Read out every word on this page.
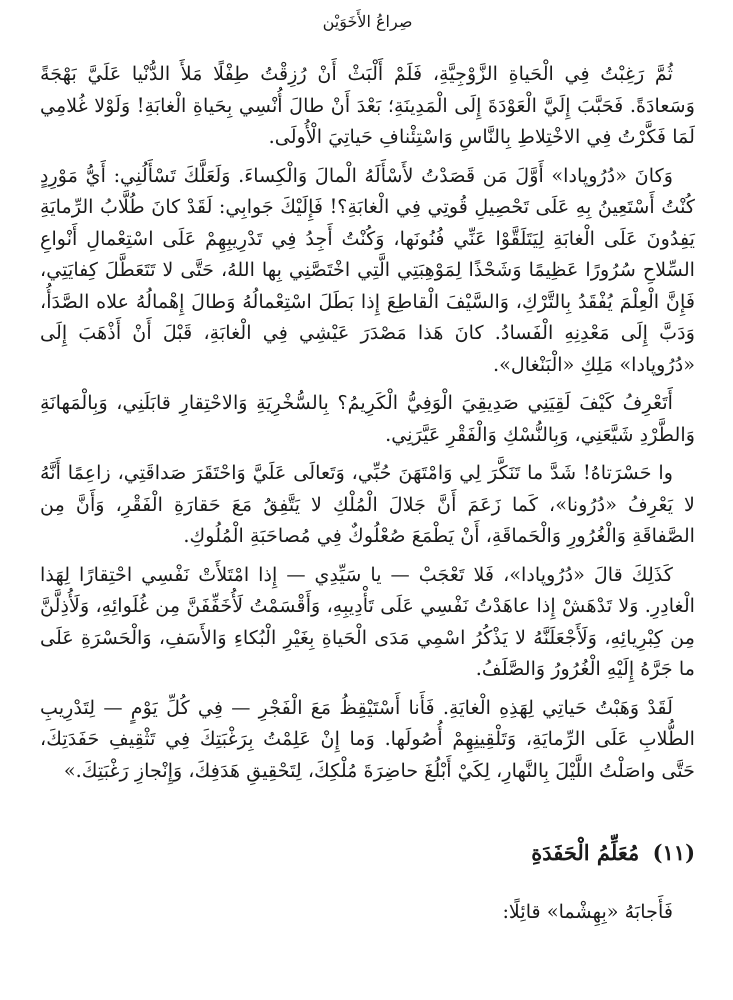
صِراعُ الأَخَوَيْن

ثُمَّ رَغِبْتُ فِي الْحَياةِ الزَّوْجِيَّةِ، فَلَمْ أَلْبَثْ أَنْ رُزِقْتُ طِفْلًا مَلأَ الدُّنْيا عَلَيَّ بَهْجَةً وَسَعادَةً. فَحَبَّبَ إِلَيَّ الْعَوْدَةَ إِلَى الْمَدِينَةِ؛ بَعْدَ أَنْ طالَ أُنْسِي بِحَياةِ الْغابَةِ! وَلَوْلا غُلامِي لَمَا فَكَّرْتُ فِي الاخْتِلاطِ بِالنَّاسِ وَاسْتِئْنافِ حَياتِيَ الْأُولَى.

وَكانَ «دُرُوپادا» أَوَّلَ مَن قَصَدْتُ لأَسْأَلَهُ الْمالَ وَالْكِساءَ. وَلَعَلَّكَ تَسْأَلُنِي: أَيُّ مَوْرِدٍ كُنْتُ أَسْتَعِينُ بِهِ عَلَى تَحْصِيلِ قُوتِي فِي الْغابَةِ؟! فَإِلَيْكَ جَوابِي: لَقَدْ كانَ طُلَّابُ الرِّمايَةِ يَفِدُونَ عَلَى الْغابَةِ لِيَتَلَقَّوْا عَنِّي فُنُونَها، وَكُنْتُ أَجِدُ فِي تَدْرِيبِهِمْ عَلَى اسْتِعْمالِ أَنْواعِ السِّلاحِ سُرُورًا عَظِيمًا وَشَحْذًا لِمَوْهِبَتِي الَّتِي اخْتَصَّنِي بِها اللهُ، حَتَّى لا تَتَعَطَّلَ كِفايَتِي، فَإِنَّ الْعِلْمَ يُفْقَدُ بِالتَّرْكِ، وَالسَّيْفَ الْقاطِعَ إِذا بَطَلَ اسْتِعْمالُهُ وَطالَ إِهْمالُهُ علاه الصَّدَأُ، وَدَبَّ إِلَى مَعْدِنِهِ الْفَسادُ. كانَ هَذا مَصْدَرَ عَيْشِي فِي الْغابَةِ، قَبْلَ أَنْ أَذْهَبَ إِلَى «دُرُوپادا» مَلِكِ «الْبَنْغال».

أَتَعْرِفُ كَيْفَ لَقِيَنِي صَدِيقِيَ الْوَفِيُّ الْكَرِيمُ؟ بِالسُّخْرِيَةِ وَالاحْتِقارِ قابَلَنِي، وَبِالْمَهانَةِ وَالطَّرْدِ شَيَّعَنِي، وَبِالنُّسْكِ وَالْفَقْرِ عَيَّرَنِي.

وا حَسْرَتاهُ! شَدَّ ما تَنَكَّرَ لِي وَامْتَهَنَ حُبِّي، وَتَعالَى عَلَيَّ وَاحْتَقَرَ صَداقَتِي، زاعِمًا أَنَّهُ لا يَعْرِفُ «دُرُونا»، كَما زَعَمَ أَنَّ جَلالَ الْمُلْكِ لا يَتَّفِقُ مَعَ حَقارَةِ الْفَقْرِ، وَأَنَّ مِن الصَّفاقَةِ وَالْغُرُورِ وَالْحَماقَةِ، أَنْ يَطْمَعَ صُعْلُوكٌ فِي مُصاحَبَةِ الْمُلُوكِ.

كَذَلِكَ قالَ «دُرُوپادا»، فَلا تَعْجَبْ — يا سَيِّدِي — إِذا امْتَلأَتْ نَفْسِي احْتِقارًا لِهَذا الْغادِرِ. وَلا تَدْهَشْ إِذا عاهَدْتُ نَفْسِي عَلَى تَأْدِيبِهِ، وَأَقْسَمْتُ لَأُخَفِّفَنَّ مِن غُلَوائِهِ، وَلَأُذِلَّنَّ مِن كِبْرِيائِهِ، وَلَأَجْعَلَنَّهُ لا يَذْكُرُ اسْمِي مَدَى الْحَياةِ بِغَيْرِ الْبُكاءِ وَالأَسَفِ، وَالْحَسْرَةِ عَلَى ما جَرَّهُ إِلَيْهِ الْغُرُورُ وَالصَّلَفُ.

لَقَدْ وَهَبْتُ حَياتِي لِهَذِهِ الْغايَةِ. فَأَنا أَسْتَيْقِظُ مَعَ الْفَجْرِ — فِي كُلِّ يَوْمٍ — لِتَدْرِيبِ الطُّلابِ عَلَى الرِّمايَةِ، وَتَلْقِينِهِمْ أُصُولَها. وَما إِنْ عَلِمْتُ بِرَغْبَتِكَ فِي تَثْقِيفِ حَفَدَتِكَ، حَتَّى واصَلْتُ اللَّيْلَ بِالنَّهارِ، لِكَيْ أَبْلُغَ حاضِرَةَ مُلْكِكَ، لِتَحْقِيقِ هَدَفِكَ، وَإِنْجازِ رَغْبَتِكَ.»

(١١) مُعَلِّمُ الْحَفَدَةِ

فَأَجابَهُ «بِهِشْما» قائِلًا:
